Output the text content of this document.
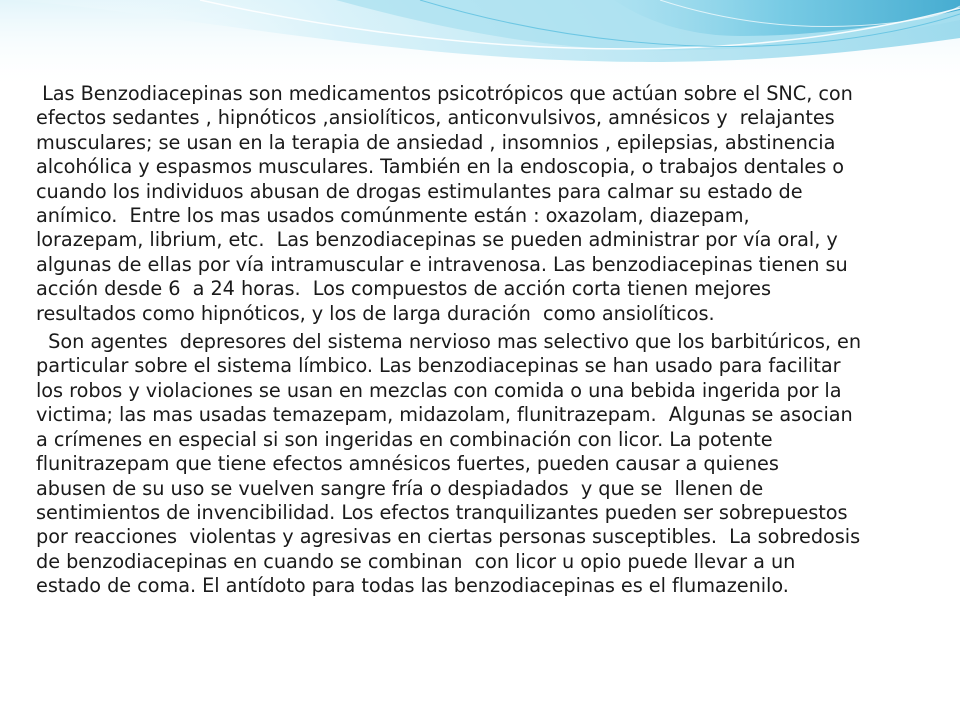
Las Benzodiacepinas son medicamentos psicotrópicos que actúan sobre el SNC, con
efectos sedantes , hipnóticos ,ansiolíticos, anticonvulsivos, amnésicos y  relajantes
musculares; se usan en la terapia de ansiedad , insomnios , epilepsias, abstinencia
alcohólica y espasmos musculares. También en la endoscopia, o trabajos dentales o
cuando los individuos abusan de drogas estimulantes para calmar su estado de
anímico.  Entre los mas usados comúnmente están : oxazolam, diazepam,
lorazepam, librium, etc.  Las benzodiacepinas se pueden administrar por vía oral, y
algunas de ellas por vía intramuscular e intravenosa. Las benzodiacepinas tienen su
acción desde 6  a 24 horas.  Los compuestos de acción corta tienen mejores
resultados como hipnóticos, y los de larga duración  como ansiolíticos.
Son agentes  depresores del sistema nervioso mas selectivo que los barbitúricos, en
particular sobre el sistema límbico. Las benzodiacepinas se han usado para facilitar
los robos y violaciones se usan en mezclas con comida o una bebida ingerida por la
victima; las mas usadas temazepam, midazolam, flunitrazepam.  Algunas se asocian
a crímenes en especial si son ingeridas en combinación con licor. La potente
flunitrazepam que tiene efectos amnésicos fuertes, pueden causar a quienes
abusen de su uso se vuelven sangre fría o despiadados  y que se  llenen de
sentimientos de invencibilidad. Los efectos tranquilizantes pueden ser sobrepuestos
por reacciones  violentas y agresivas en ciertas personas susceptibles.  La sobredosis
de benzodiacepinas en cuando se combinan  con licor u opio puede llevar a un
estado de coma. El antídoto para todas las benzodiacepinas es el flumazenilo.
